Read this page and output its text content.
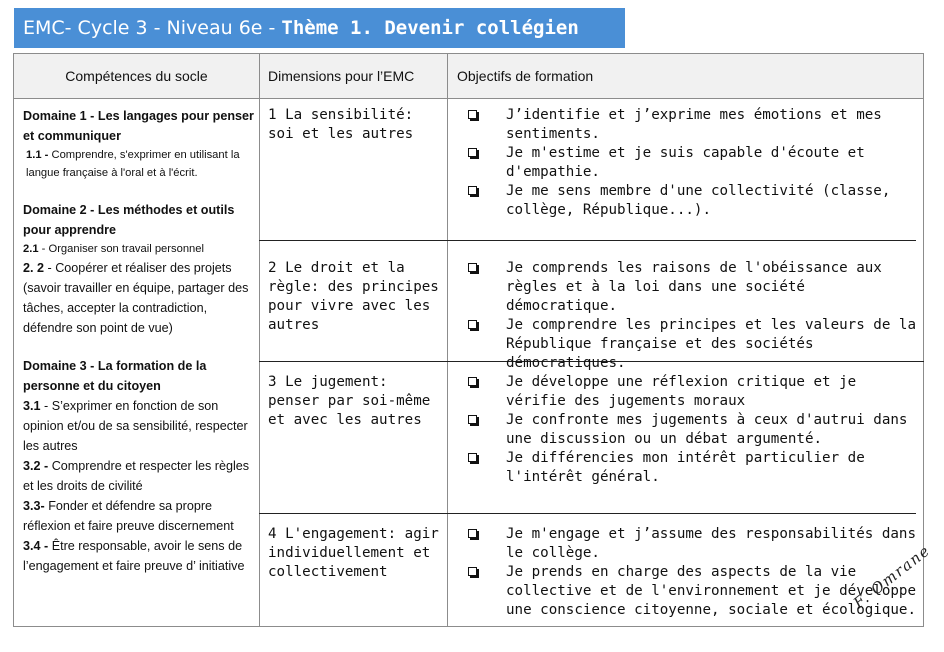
EMC- Cycle 3 - Niveau 6e - Thème 1. Devenir collégien
Compétences du socle	Dimensions pour l’EMC	Objectifs de formation
Domaine 1 - Les langages pour penser et communiquer
1.1 - Comprendre, s'exprimer en utilisant la langue française à l'oral et à l'écrit.
Domaine 2 - Les méthodes et outils pour apprendre
2.1 - Organiser son travail personnel
2. 2 - Coopérer et réaliser des projets (savoir travailler en équipe, partager des tâches, accepter la contradiction, défendre son point de vue)
Domaine 3 - La formation de la personne et du citoyen
3.1 - S’exprimer en fonction de son opinion et/ou de sa sensibilité, respecter les autres
3.2 - Comprendre et respecter les règles et les droits de civilité
3.3- Fonder et défendre sa propre réflexion et faire preuve discernement
3.4 - Être responsable, avoir le sens de l’engagement et faire preuve d’ initiative
1 La sensibilité: soi et les autres
2 Le droit et la règle: des principes pour vivre avec les autres
3 Le jugement: penser par soi-même et avec les autres
4 L'engagement: agir individuellement et collectivement
J’identifie et j’exprime mes émotions et mes sentiments.
Je m'estime et je suis capable d'écoute et d'empathie.
Je me sens membre d'une collectivité (classe, collège, République...).
Je comprends les raisons de l'obéissance aux règles et à la loi dans une société démocratique.
Je comprendre les principes et les valeurs de la République française et des sociétés démocratiques.
Je développe une réflexion critique et je vérifie des jugements moraux
Je confronte mes jugements à ceux d'autrui dans une discussion ou un débat argumenté.
Je différencies mon intérêt particulier de l'intérêt général.
Je m'engage et j’assume des responsabilités dans le collège.
Je prends en charge des aspects de la vie collective et de l'environnement et je développe une conscience citoyenne, sociale et écologique.
F. Omrane
